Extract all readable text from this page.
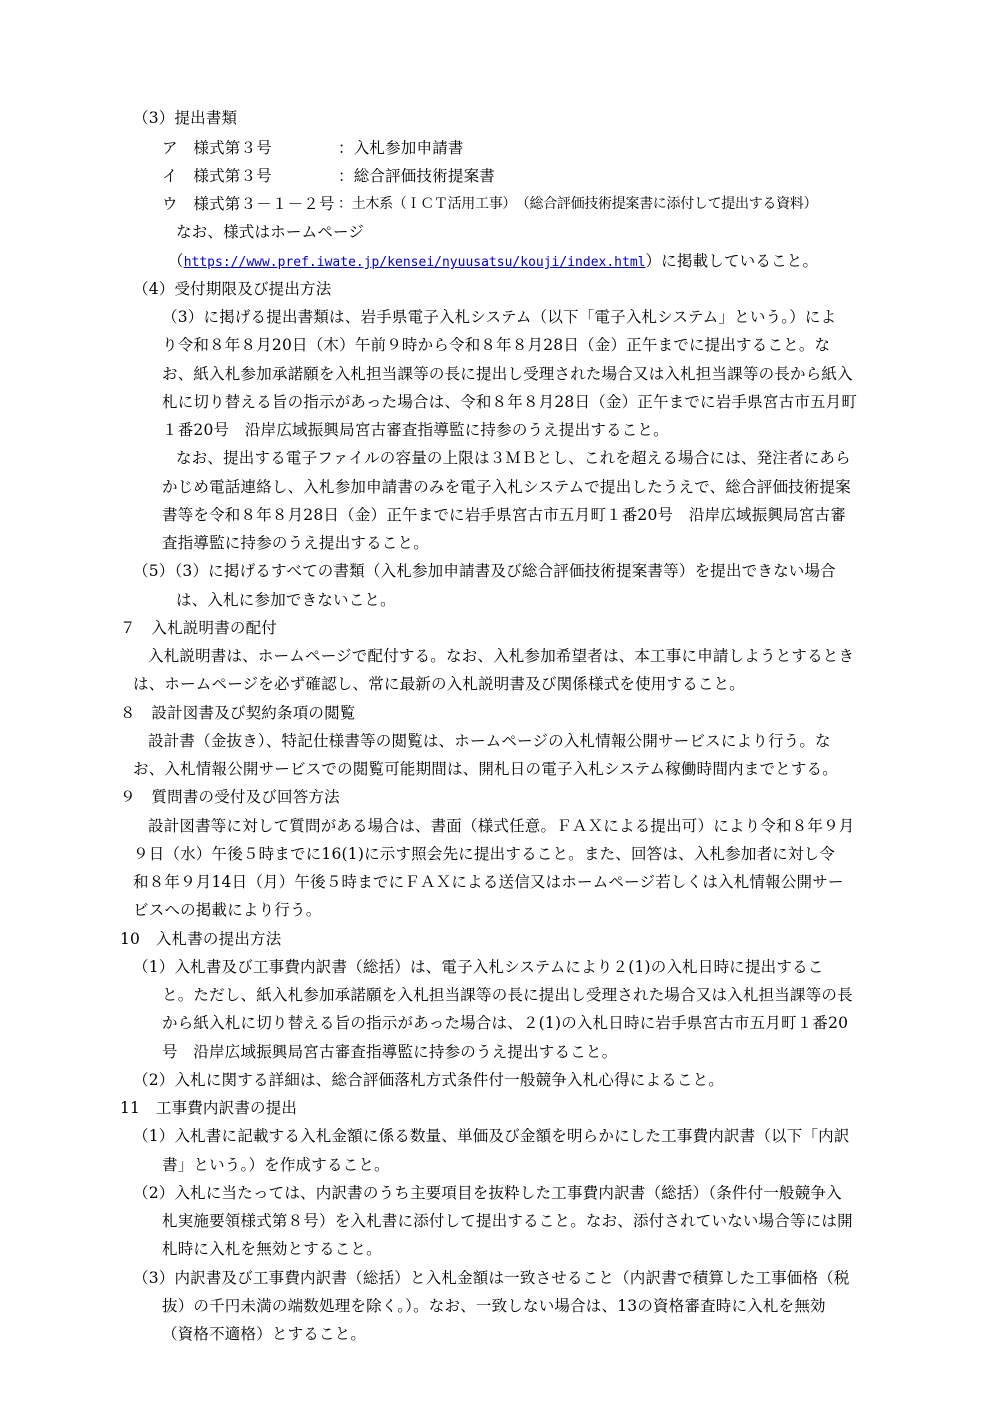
（3）提出書類
ア　様式第３号	：入札参加申請書
イ　様式第３号	：総合評価技術提案書
ウ　様式第３－１－２号 ：土木系（ＩＣＴ活用工事）　（総合評価技術提案書に添付して提出する資料）
なお、様式はホームページ
（https://www.pref.iwate.jp/kensei/nyuusatsu/kouji/index.html）に掲載していること。
（4）受付期限及び提出方法
（3）に掲げる提出書類は、岩手県電子入札システム（以下「電子入札システム」という。）によ
り令和８年８月20日（木）午前９時から令和８年８月28日（金）正午までに提出すること。な
お、紙入札参加承諾願を入札担当課等の長に提出し受理された場合又は入札担当課等の長から紙入
札に切り替える旨の指示があった場合は、令和８年８月28日（金）正午までに岩手県宮古市五月町
１番20号　沿岸広域振興局宮古審査指導監に持参のうえ提出すること。
なお、提出する電子ファイルの容量の上限は３ＭＢとし、これを超える場合には、発注者にあら
かじめ電話連絡し、入札参加申請書のみを電子入札システムで提出したうえで、総合評価技術提案
書等を令和８年８月28日（金）正午までに岩手県宮古市五月町１番20号　沿岸広域振興局宮古審
査指導監に持参のうえ提出すること。
（5）（3）に掲げるすべての書類（入札参加申請書及び総合評価技術提案書等）を提出できない場合
は、入札に参加できないこと。
７　入札説明書の配付
入札説明書は、ホームページで配付する。なお、入札参加希望者は、本工事に申請しようとするとき
は、ホームページを必ず確認し、常に最新の入札説明書及び関係様式を使用すること。
８　設計図書及び契約条項の閲覧
設計書（金抜き）、特記仕様書等の閲覧は、ホームページの入札情報公開サービスにより行う。な
お、入札情報公開サービスでの閲覧可能期間は、開札日の電子入札システム稼働時間内までとする。
９　質問書の受付及び回答方法
設計図書等に対して質問がある場合は、書面（様式任意。ＦＡＸによる提出可）により令和８年９月
９日（水）午後５時までに16(1)に示す照会先に提出すること。また、回答は、入札参加者に対し令
和８年９月14日（月）午後５時までにＦＡＸによる送信又はホームページ若しくは入札情報公開サー
ビスへの掲載により行う。
10　入札書の提出方法
（1）入札書及び工事費内訳書（総括）は、電子入札システムにより２(1)の入札日時に提出するこ
と。ただし、紙入札参加承諾願を入札担当課等の長に提出し受理された場合又は入札担当課等の長
から紙入札に切り替える旨の指示があった場合は、２(1)の入札日時に岩手県宮古市五月町１番20
号　沿岸広域振興局宮古審査指導監に持参のうえ提出すること。
（2）入札に関する詳細は、総合評価落札方式条件付一般競争入札心得によること。
11　工事費内訳書の提出
（1）入札書に記載する入札金額に係る数量、単価及び金額を明らかにした工事費内訳書（以下「内訳
書」という。）を作成すること。
（2）入札に当たっては、内訳書のうち主要項目を抜粋した工事費内訳書（総括）（条件付一般競争入
札実施要領様式第８号）を入札書に添付して提出すること。なお、添付されていない場合等には開
札時に入札を無効とすること。
（3）内訳書及び工事費内訳書（総括）と入札金額は一致させること（内訳書で積算した工事価格（税
抜）の千円未満の端数処理を除く。）。なお、一致しない場合は、13の資格審査時に入札を無効
（資格不適格）とすること。
